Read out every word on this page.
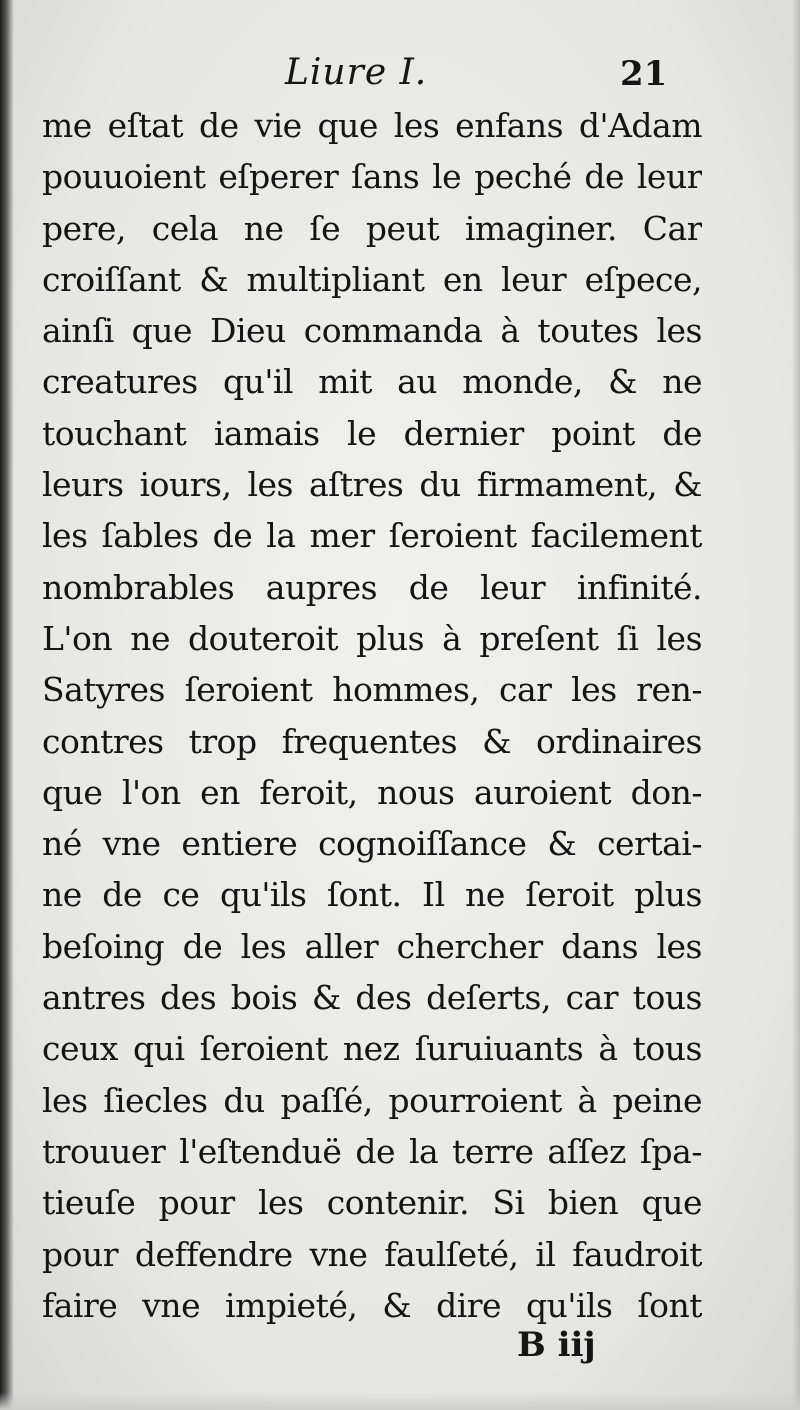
Liure I.	21
me eſtat de vie que les enfans d'Adam
pouuoient eſperer ſans le peché de leur
pere, cela ne ſe peut imaginer. Car
croiſſant & multipliant en leur eſpece,
ainſi que Dieu commanda à toutes les
creatures qu'il mit au monde, & ne
touchant iamais le dernier point de
leurs iours, les aſtres du firmament, &
les ſables de la mer ſeroient facilement
nombrables aupres de leur infinité.
L'on ne douteroit plus à preſent ſi les
Satyres ſeroient hommes, car les ren-
contres trop frequentes & ordinaires
que l'on en feroit, nous auroient don-
né vne entiere cognoiſſance & certai-
ne de ce qu'ils ſont. Il ne ſeroit plus
beſoing de les aller chercher dans les
antres des bois & des deſerts, car tous
ceux qui ſeroient nez ſuruiuants à tous
les ſiecles du paſſé, pourroient à peine
trouuer l'eſtenduë de la terre aſſez ſpa-
tieuſe pour les contenir. Si bien que
pour deffendre vne faulſeté, il faudroit
faire vne impieté, & dire qu'ils ſont
B iij
